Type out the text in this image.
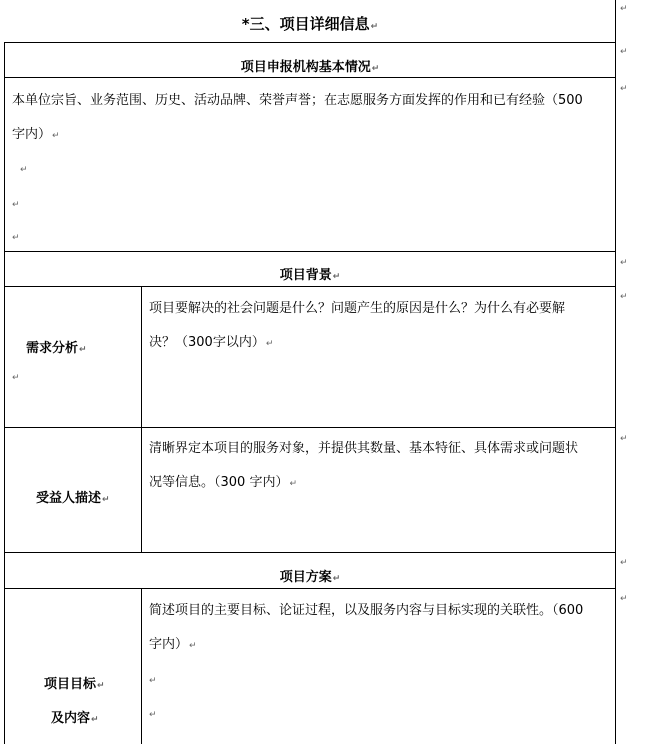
*三、项目详细信息↵
项目申报机构基本情况↵
本单位宗旨、业务范围、历史、活动品牌、荣誉声誉；在志愿服务方面发挥的作用和已有经验（500
字内）↵
↵
↵
↵
项目背景↵
需求分析↵
↵
项目要解决的社会问题是什么？问题产生的原因是什么？为什么有必要解
决？（300字以内）↵
受益人描述↵
清晰界定本项目的服务对象，并提供其数量、基本特征、具体需求或问题状
况等信息。（300 字内）↵
项目方案↵
项目目标↵
及内容↵
简述项目的主要目标、论证过程，以及服务内容与目标实现的关联性。（600
字内）↵
↵
↵
↵
↵
↵
↵
↵
↵
↵
↵
